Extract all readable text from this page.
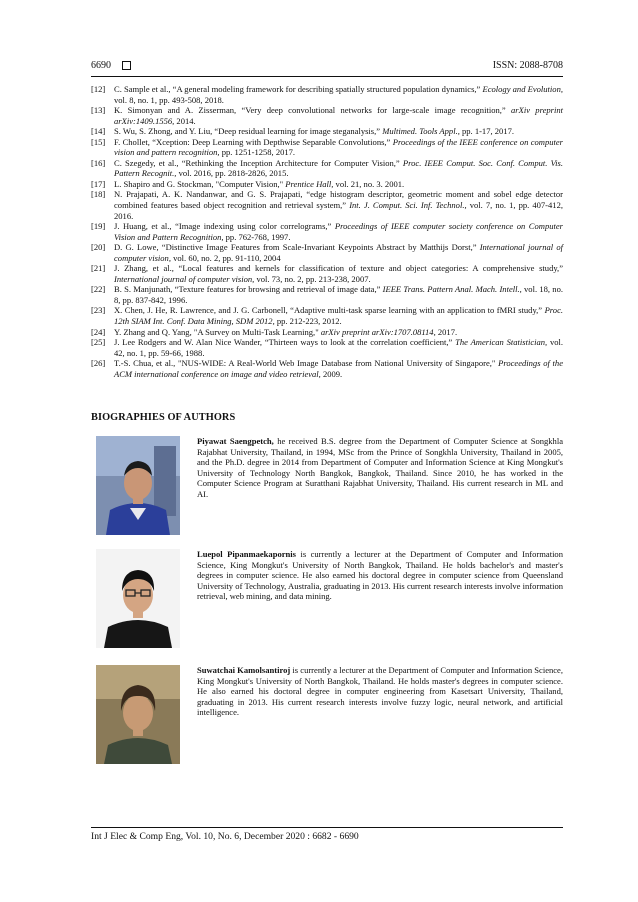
6690	ISSN: 2088-8708
[12]	C. Sample et al., “A general modeling framework for describing spatially structured population dynamics,” Ecology and Evolution, vol. 8, no. 1, pp. 493-508, 2018.
[13]	K. Simonyan and A. Zisserman, “Very deep convolutional networks for large-scale image recognition,” arXiv preprint arXiv:1409.1556, 2014.
[14]	S. Wu, S. Zhong, and Y. Liu, “Deep residual learning for image steganalysis,” Multimed. Tools Appl., pp. 1-17, 2017.
[15]	F. Chollet, “Xception: Deep Learning with Depthwise Separable Convolutions,” Proceedings of the IEEE conference on computer vision and pattern recognition, pp. 1251-1258, 2017.
[16]	C. Szegedy, et al., “Rethinking the Inception Architecture for Computer Vision,” Proc. IEEE Comput. Soc. Conf. Comput. Vis. Pattern Recognit., vol. 2016, pp. 2818-2826, 2015.
[17]	L. Shapiro and G. Stockman, "Computer Vision," Prentice Hall, vol. 21, no. 3. 2001.
[18]	N. Prajapati, A. K. Nandanwar, and G. S. Prajapati, “edge histogram descriptor, geometric moment and sobel edge detector combined features based object recognition and retrieval system,” Int. J. Comput. Sci. Inf. Technol., vol. 7, no. 1, pp. 407-412, 2016.
[19]	J. Huang, et al., “Image indexing using color correlograms,” Proceedings of IEEE computer society conference on Computer Vision and Pattern Recognition, pp. 762-768, 1997.
[20]	D. G. Lowe, “Distinctive Image Features from Scale-Invariant Keypoints Abstract by Matthijs Dorst,” International journal of computer vision, vol. 60, no. 2, pp. 91-110, 2004
[21]	J. Zhang, et al., “Local features and kernels for classification of texture and object categories: A comprehensive study,” International journal of computer vision, vol. 73, no. 2, pp. 213-238, 2007.
[22]	B. S. Manjunath, “Texture features for browsing and retrieval of image data,” IEEE Trans. Pattern Anal. Mach. Intell., vol. 18, no. 8, pp. 837-842, 1996.
[23]	X. Chen, J. He, R. Lawrence, and J. G. Carbonell, “Adaptive multi-task sparse learning with an application to fMRI study,” Proc. 12th SIAM Int. Conf. Data Mining, SDM 2012, pp. 212-223, 2012.
[24]	Y. Zhang and Q. Yang, "A Survey on Multi-Task Learning," arXiv preprint arXiv:1707.08114, 2017.
[25]	J. Lee Rodgers and W. Alan Nice Wander, “Thirteen ways to look at the correlation coefficient,” The American Statistician, vol. 42, no. 1, pp. 59-66, 1988.
[26]	T.-S. Chua, et al., "NUS-WIDE: A Real-World Web Image Database from National University of Singapore," Proceedings of the ACM international conference on image and video retrieval, 2009.
BIOGRAPHIES OF AUTHORS
Piyawat Saengpetch, he received B.S. degree from the Department of Computer Science at Songkhla Rajabhat University, Thailand, in 1994, MSc from the Prince of Songkhla University, Thailand in 2005, and the Ph.D. degree in 2014 from Department of Computer and Information Science at King Mongkut's University of Technology North Bangkok, Bangkok, Thailand. Since 2010, he has worked in the Computer Science Program at Suratthani Rajabhat University, Thailand. His current research in ML and AI.
Luepol Pipanmaekapornis is currently a lecturer at the Department of Computer and Information Science, King Mongkut's University of North Bangkok, Thailand. He holds bachelor's and master's degrees in computer science. He also earned his doctoral degree in computer science from Queensland University of Technology, Australia, graduating in 2013. His current research interests involve information retrieval, web mining, and data mining.
Suwatchai Kamolsantiroj is currently a lecturer at the Department of Computer and Information Science, King Mongkut's University of North Bangkok, Thailand. He holds master's degrees in computer science. He also earned his doctoral degree in computer engineering from Kasetsart University, Thailand, graduating in 2013. His current research interests involve fuzzy logic, neural network, and artificial intelligence.
Int J Elec & Comp Eng, Vol. 10, No. 6, December 2020 : 6682 - 6690
